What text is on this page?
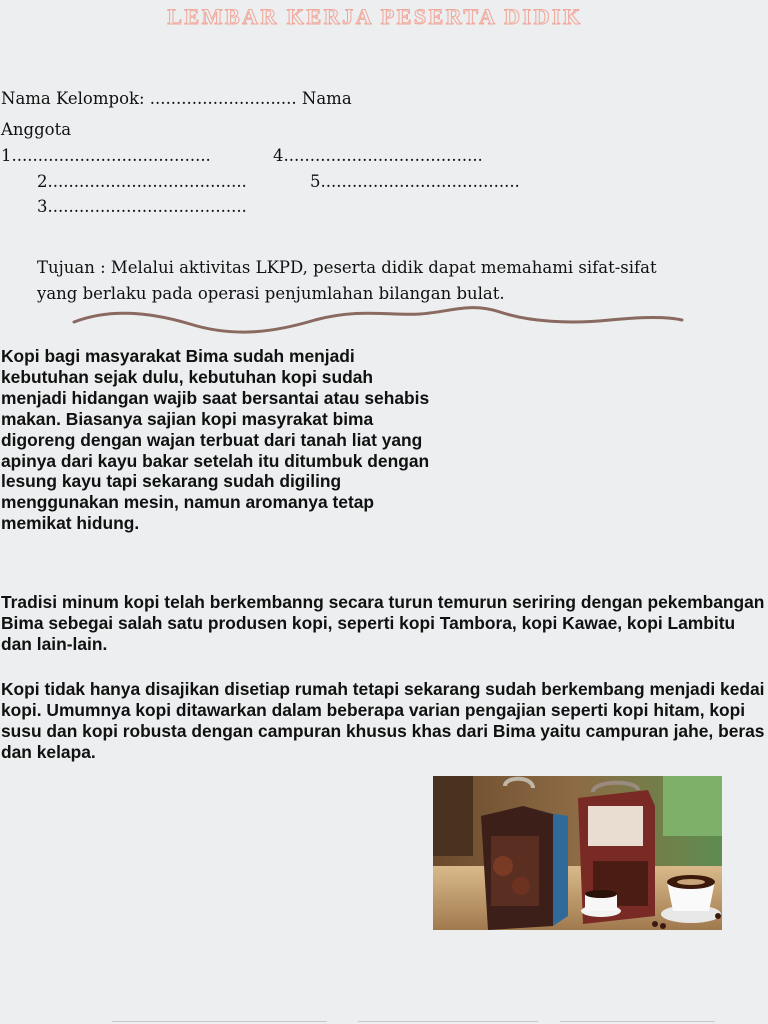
LEMBAR KERJA PESERTA DIDIK
Nama Kelompok: ............................ Nama
Anggota
1......................................	4......................................
2......................................	5......................................
3......................................
Tujuan : Melalui aktivitas LKPD, peserta didik dapat memahami sifat-sifat yang berlaku pada operasi penjumlahan bilangan bulat.
Kopi bagi masyarakat Bima sudah menjadi kebutuhan sejak dulu, kebutuhan kopi sudah menjadi hidangan wajib saat bersantai atau sehabis makan. Biasanya sajian kopi masyrakat bima digoreng dengan wajan terbuat dari tanah liat yang apinya dari kayu bakar setelah itu ditumbuk dengan lesung kayu tapi sekarang sudah digiling menggunakan mesin, namun aromanya tetap memikat hidung.
Tradisi minum kopi telah berkembanng secara turun temurun seriring dengan pekembangan Bima sebegai salah satu produsen kopi, seperti kopi Tambora, kopi Kawae, kopi Lambitu dan lain-lain.
Kopi tidak hanya disajikan disetiap rumah tetapi sekarang sudah berkembang menjadi kedai kopi. Umumnya kopi ditawarkan dalam beberapa varian pengajian seperti kopi hitam, kopi susu dan kopi robusta dengan campuran khusus khas dari Bima yaitu campuran jahe, beras dan kelapa.
